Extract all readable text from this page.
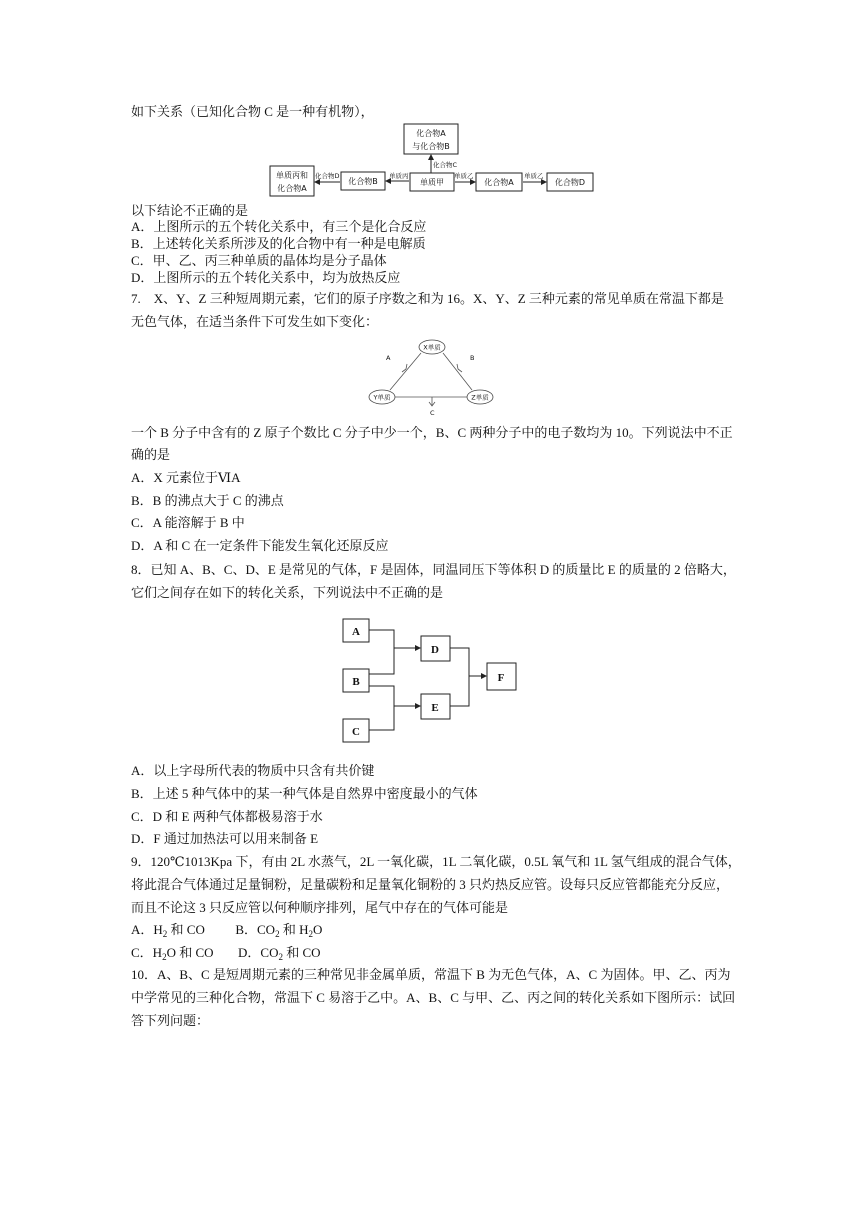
如下关系（已知化合物 C 是一种有机物），
化合物A
与化合物B
化合物C
单质丙和
化合物A
化合物D
化合物B
单质丙
单质甲
单质乙
化合物A
单质乙
化合物D
以下结论不正确的是
A．上图所示的五个转化关系中，有三个是化合反应
B．上述转化关系所涉及的化合物中有一种是电解质
C．甲、乙、丙三种单质的晶体均是分子晶体
D．上图所示的五个转化关系中，均为放热反应
7.　X、Y、Z 三种短周期元素，它们的原子序数之和为 16。X、Y、Z 三种元素的常见单质在常温下都是
无色气体，在适当条件下可发生如下变化：
X单质
Y单质	Z单质
A	B
C
一个 B 分子中含有的 Z 原子个数比 C 分子中少一个，B、C 两种分子中的电子数均为 10。下列说法中不正
确的是
A．X 元素位于ⅥA
B．B 的沸点大于 C 的沸点
C．A 能溶解于 B 中
D．A 和 C 在一定条件下能发生氧化还原反应
8．已知 A、B、C、D、E 是常见的气体，F 是固体，同温同压下等体积 D 的质量比 E 的质量的 2 倍略大，
它们之间存在如下的转化关系，下列说法中不正确的是
A
B
C
D
E
F
A．以上字母所代表的物质中只含有共价键
B．上述 5 种气体中的某一种气体是自然界中密度最小的气体
C．D 和 E 两种气体都极易溶于水
D．F 通过加热法可以用来制备 E
9．120℃1013Kpa 下，有由 2L 水蒸气，2L 一氧化碳，1L 二氧化碳，0.5L 氧气和 1L 氢气组成的混合气体，
将此混合气体通过足量铜粉，足量碳粉和足量氧化铜粉的 3 只灼热反应管。设每只反应管都能充分反应，
而且不论这 3 只反应管以何种顺序排列，尾气中存在的气体可能是
A．$H_2$ 和 CO B．$CO_2$ 和 $H_2O$
C．$H_2O$ 和 CO D．$CO_2$ 和 CO
10．A、B、C 是短周期元素的三种常见非金属单质，常温下 B 为无色气体，A、C 为固体。甲、乙、丙为
中学常见的三种化合物，常温下 C 易溶于乙中。A、B、C 与甲、乙、丙之间的转化关系如下图所示：试回
答下列问题：
